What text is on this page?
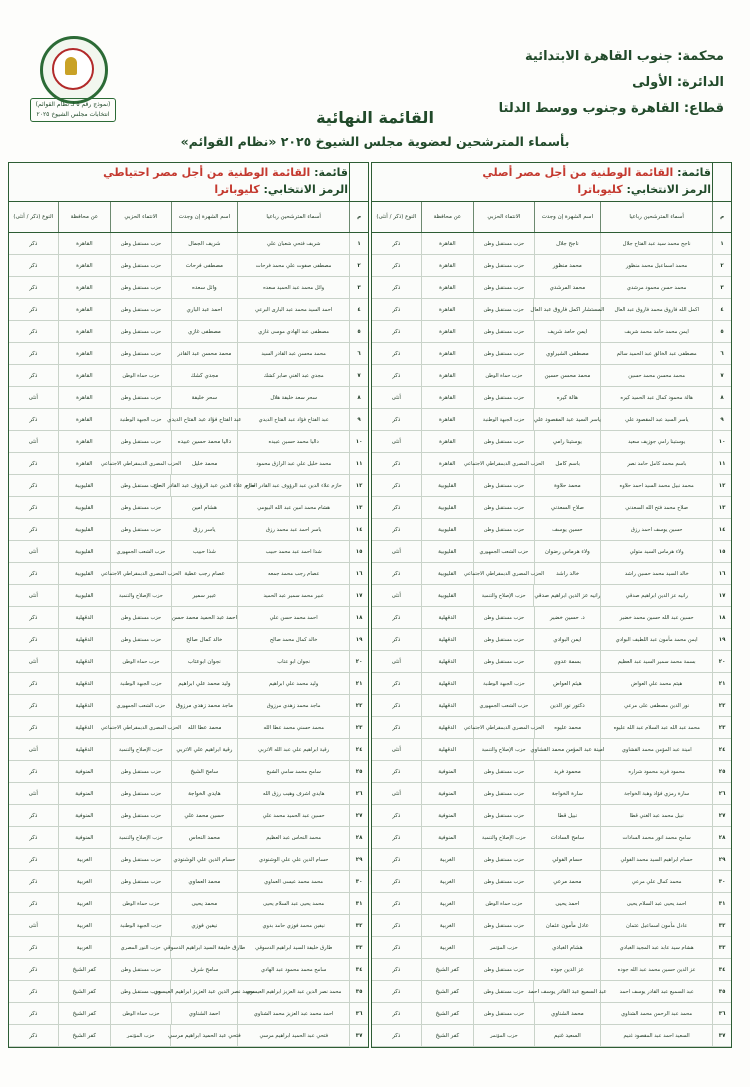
(نموذج رقم ٥ لـ نظام القوائم)
انتخابات مجلس الشيوخ ٢٠٢٥
محكمة: جنوب القاهرة الابتدائية
الدائرة: الأولى
قطاع: القاهرة وجنوب ووسط الدلتا
القائمة النهائية
بأسماء المترشحين لعضوية مجلس الشيوخ ٢٠٢٥ «نظام القوائم»
قائمة: القائمة الوطنية من أجل مصر أصلي
الرمز الانتخابي: كليوباترا
م
أسماء المترشحين رباعيا
اسم الشهرة إن وجدت
الانتماء الحزبي
عن محافظة
النوع (ذكر / أنثى)
١
ناجح محمد سيد عبد الفتاح جلال
ناجح جلال
حزب مستقبل وطن
القاهرة
ذكر
٢
محمد اسماعيل محمد منظور
محمد منظور
حزب مستقبل وطن
القاهرة
ذكر
٣
محمد حسن محمود مرشدي
محمد المرشدي
حزب مستقبل وطن
القاهرة
ذكر
٤
اكمل الله فاروق محمد فاروق عبد العال
المستشار اكمل فاروق عبد العال
حزب مستقبل وطن
القاهرة
ذكر
٥
ايمن محمد حامد محمد شريف
ايمن حامد شريف
حزب مستقبل وطن
القاهرة
ذكر
٦
مصطفى عبد الخالق عبد الحميد سالم
مصطفى الشيراوي
حزب مستقبل وطن
القاهرة
ذكر
٧
محمد محسن محمد حسين
محمد محسن حسين
حزب حماة الوطن
القاهرة
ذكر
٨
هالة محمود كمال عبد الحميد كيره
هالة كيره
حزب مستقبل وطن
القاهرة
أنثى
٩
ياسر السيد عبد المقصود علي
ياسر السيد عبد المقصود علي
حزب الجبهة الوطنية
القاهرة
ذكر
١٠
يوستينا رامي جوزيف سعيد
يوستينا رامي
حزب مستقبل وطن
القاهرة
أنثى
١١
باسم محمد كامل حامد نصر
باسم كامل
الحزب المصري الديمقراطي الاجتماعي
القاهرة
ذكر
١٢
محمد نبيل محمد السيد احمد حلاوه
محمد حلاوة
حزب مستقبل وطن
القليوبية
ذكر
١٣
صلاح محمد فتح الله السعدني
صلاح السعدني
حزب مستقبل وطن
القليوبية
ذكر
١٤
حسين يوسف احمد رزق
حسين يوسف
حزب مستقبل وطن
القليوبية
ذكر
١٥
ولاء هرماس السيد متولي
ولاء هرماس رضوان
حزب الشعب الجمهوري
القليوبية
أنثى
١٦
خالد السيد محمد حسين راشد
خالد راشد
الحزب المصري الديمقراطي الاجتماعي
القليوبية
ذكر
١٧
رانيه عز الدين ابراهيم صدقي
رانيه عز الدين ابراهيم صدقي
حزب الإصلاح والتنمية
القليوبية
أنثى
١٨
حسين عبد الله حسين محمد خضير
د. حسين خضير
حزب مستقبل وطن
الدقهلية
ذكر
١٩
ايمن محمد مأمون عبد اللطيف البوادي
ايمن البوادي
حزب مستقبل وطن
الدقهلية
ذكر
٢٠
بسمة محمد سمير السيد عبد العظيم
بسمة عدوي
حزب مستقبل وطن
الدقهلية
أنثى
٢١
هيثم محمد علي العواض
هيثم العواض
حزب الجبهة الوطنية
الدقهلية
ذكر
٢٢
نور الدين مصطفى على مرعي
دكتور نور الدين
حزب الشعب الجمهوري
الدقهلية
ذكر
٢٣
محمد عبد الله عبد السلام عبد الله عليوه
محمد عليوه
الحزب المصري الديمقراطي الاجتماعي
الدقهلية
ذكر
٢٤
امينة عبد المؤمن محمد القشاوي
امينة عبد المؤمن محمد القشاوي
حزب الإصلاح والتنمية
الدقهلية
أنثى
٢٥
محمود فريد محمود شراره
محمود فريد
حزب مستقبل وطن
المنوفية
ذكر
٢٦
سارة رمزي فؤاد وهبة الخواجة
سارة الخواجة
حزب مستقبل وطن
المنوفية
أنثى
٢٧
نبيل محمد عبد الغني قطا
نبيل قطا
حزب مستقبل وطن
المنوفية
ذكر
٢٨
سامح محمد انور محمد السادات
سامح السادات
حزب الإصلاح والتنمية
المنوفية
ذكر
٢٩
حسام ابراهيم السيد محمد الفولي
حسام الفولي
حزب مستقبل وطن
الغربية
ذكر
٣٠
محمد كمال علي مرعي
محمد مرعي
حزب مستقبل وطن
الغربية
ذكر
٣١
احمد يحيى عبد السلام يحيى
احمد يحيى
حزب حماة الوطن
الغربية
ذكر
٣٢
عادل مأمون اسماعيل عثمان
عادل مأمون عثمان
حزب مستقبل وطن
الغربية
ذكر
٣٣
هشام سيد عابد عبد المجيد الغبادي
هشام الغبادي
حزب المؤتمر
الغربية
ذكر
٣٤
عز الدين حسين محمد عبد الله جوده
عز الدين جوده
حزب مستقبل وطن
كفر الشيخ
ذكر
٣٥
عبد السميع عبد القادر يوسف احمد
عبد السميع عبد القادر يوسف احمد
حزب مستقبل وطن
كفر الشيخ
ذكر
٣٦
محمد عبد الرحمن محمد الشناوي
محمد الشناوي
حزب مستقبل وطن
كفر الشيخ
ذكر
٣٧
السعيد احمد عبد المقصود غنيم
السعيد غنيم
حزب المؤتمر
كفر الشيخ
ذكر
قائمة: القائمة الوطنية من أجل مصر احتياطي
الرمز الانتخابي: كليوباترا
م
أسماء المترشحين رباعيا
اسم الشهرة إن وجدت
الانتماء الحزبي
عن محافظة
النوع (ذكر / أنثى)
١
شريف فتحي شعبان علي
شريف الجمال
حزب مستقبل وطن
القاهرة
ذكر
٢
مصطفى صفوت علي محمد فرحات
مصطفى فرحات
حزب مستقبل وطن
القاهرة
ذكر
٣
وائل محمد عبد الحميد سعده
وائل سعده
حزب مستقبل وطن
القاهرة
ذكر
٤
احمد السيد محمد عبد البارى البرعي
احمد عبد الباري
حزب مستقبل وطن
القاهرة
ذكر
٥
مصطفى عبد الهادي موسى غازي
مصطفى غازي
حزب مستقبل وطن
القاهرة
ذكر
٦
محمد محسن عبد القادر السيد
محمد محسن عبد القادر
حزب مستقبل وطن
القاهرة
ذكر
٧
مجدي عبد الغني صابر كشك
مجدي كشك
حزب حماة الوطن
القاهرة
ذكر
٨
سحر سعد خليفة هلال
سحر خليفة
حزب مستقبل وطن
القاهرة
أنثى
٩
عبد الفتاح فؤاد عبد الفتاح الديدي
عبد الفتاح فؤاد عبد الفتاح الديدي
حزب الجبهة الوطنية
القاهرة
ذكر
١٠
داليا محمد حسين عبيده
داليا محمد حسين عبيده
حزب مستقبل وطن
القاهرة
أنثى
١١
محمد خليل علي عبد الرازق محمود
محمد خليل
الحزب المصري الديمقراطي الاجتماعي
القاهرة
ذكر
١٢
حازم علاء الدين عبد الرؤوف عبد القادر الحاج
حازم علاء الدين عبد الرؤوف عبد القادر الحاج
حزب مستقبل وطن
القليوبية
ذكر
١٣
هشام محمد امين عبد الله البيومي
هشام امين
حزب مستقبل وطن
القليوبية
ذكر
١٤
ياسر احمد عبد محمد رزق
ياسر رزق
حزب مستقبل وطن
القليوبية
ذكر
١٥
شذا احمد عبد محمد حبيب
شذا حبيب
حزب الشعب الجمهوري
القليوبية
أنثى
١٦
عصام رجب محمد جمعه
عصام رجب عطية
الحزب المصري الديمقراطي الاجتماعي
القليوبية
ذكر
١٧
عبير محمد سمير عبد الحميد
عبير سمير
حزب الإصلاح والتنمية
القليوبية
أنثى
١٨
احمد محمد حسن علي
احمد عبد الحميد محمد حسن
حزب مستقبل وطن
الدقهلية
ذكر
١٩
خالد كمال محمد صالح
خالد كمال صالح
حزب مستقبل وطن
الدقهلية
ذكر
٢٠
نجوان ابو عتاب
نجوان ابوعتاب
حزب حماة الوطن
الدقهلية
أنثى
٢١
وليد محمد علي ابراهيم
وليد محمد علي ابراهيم
حزب الجبهة الوطنية
الدقهلية
ذكر
٢٢
ماجد محمد زهدي مرزوق
ماجد محمد زهدي مرزوق
حزب الشعب الجمهوري
الدقهلية
ذكر
٢٣
محمد حسني محمد عطا الله
محمد عطا الله
الحزب المصري الديمقراطي الاجتماعي
الدقهلية
ذكر
٢٤
رقية ابراهيم علي عبد الله الاتربي
رقية ابراهيم علي الاتربي
حزب الإصلاح والتنمية
الدقهلية
أنثى
٢٥
سامح محمد سامي الشيخ
سامح الشيخ
حزب مستقبل وطن
المنوفية
ذكر
٢٦
هايدي اشرف وهيب رزق الله
هايدي الخواجة
حزب مستقبل وطن
المنوفية
أنثى
٢٧
حسين عبد الحميد محمد علي
حسين محمد علي
حزب مستقبل وطن
المنوفية
ذكر
٢٨
محمد النحاس عبد العظيم
محمد النحاس
حزب الإصلاح والتنمية
المنوفية
ذكر
٢٩
حسام الدين علي علي الوشنودي
حسام الدين علي الوشنودي
حزب مستقبل وطن
الغربية
ذكر
٣٠
محمد محمد عيسى العماوي
محمد العماوي
حزب مستقبل وطن
الغربية
ذكر
٣١
محمد يحيى عبد السلام يحيى
محمد يحيى
حزب حماة الوطن
الغربية
ذكر
٣٢
نيفين محمد فوزي حامد بدوي
نيفين فوزي
حزب الجبهة الوطنية
الغربية
أنثى
٣٣
طارق خليفة السيد ابراهيم الدسوقي
طارق خليفة السيد ابراهيم الدسوقي
حزب النور المصري
الغربية
ذكر
٣٤
سامح محمد محمود عبد الهادي
سامح شرف
حزب مستقبل وطن
كفر الشيخ
ذكر
٣٥
محمد نصر الدين عبد العزيز ابراهيم العيسوي
محمد نصر الدين عبد العزيز ابراهيم العيسوي
حزب مستقبل وطن
كفر الشيخ
ذكر
٣٦
احمد محمد عبد العزيز محمد الشناوي
احمد الشناوي
حزب حماة الوطن
كفر الشيخ
ذكر
٣٧
فتحي عبد الحميد ابراهيم مرسي
فتحي عبد الحميد ابراهيم مرسي
حزب المؤتمر
كفر الشيخ
ذكر
